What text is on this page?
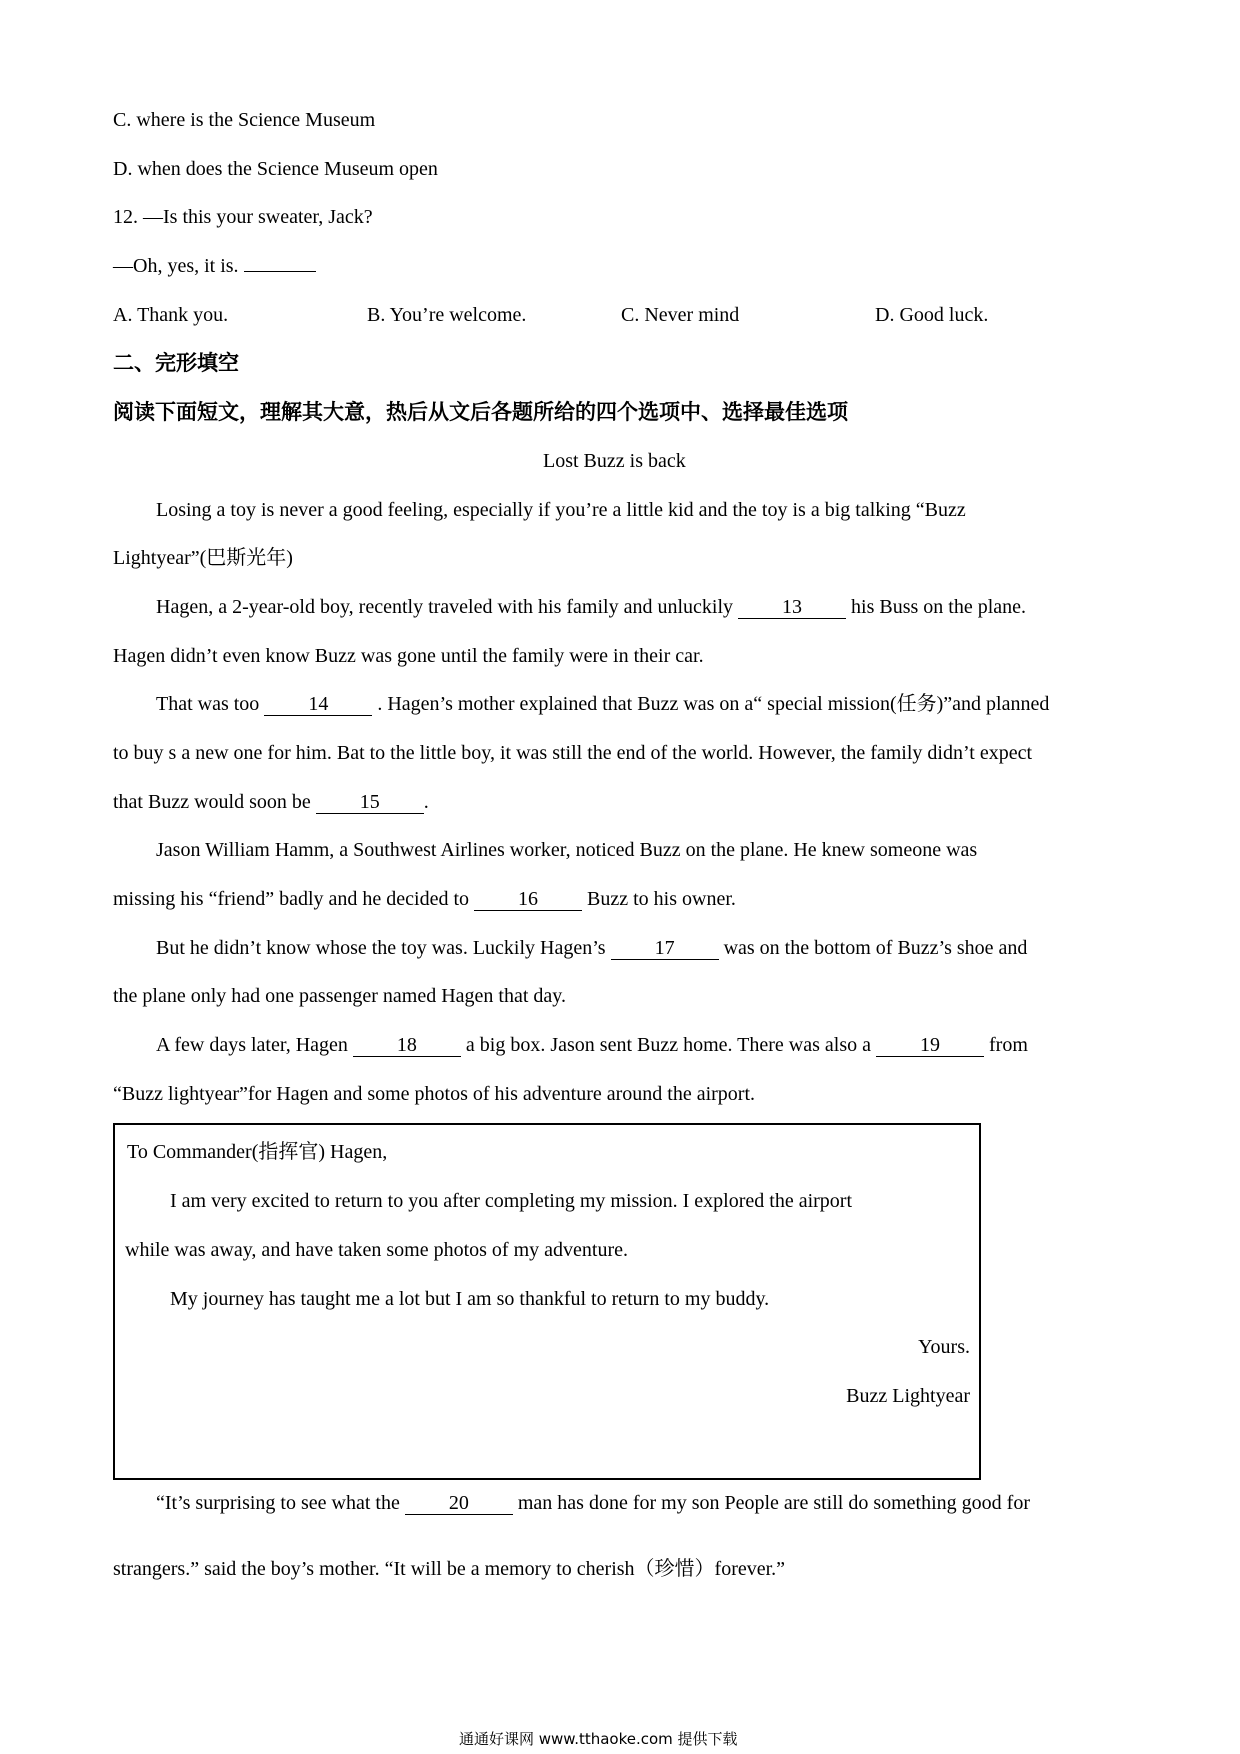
C. where is the Science Museum
D. when does the Science Museum open
12. —Is this your sweater, Jack?
—Oh, yes, it is.
A. Thank you.	B. You’re welcome.	C. Never mind	D. Good luck.
二、完形填空
阅读下面短文，理解其大意，热后从文后各题所给的四个选项中、选择最佳选项
Lost Buzz is back
Losing a toy is never a good feeling, especially if you’re a little kid and the toy is a big talking “Buzz
Lightyear”(巴斯光年)
Hagen, a 2-year-old boy, recently traveled with his family and unluckily 13 his Buss on the plane.
Hagen didn’t even know Buzz was gone until the family were in their car.
That was too 14 . Hagen’s mother explained that Buzz was on a“ special mission(任务)”and planned
to buy s a new one for him. Bat to the little boy, it was still the end of the world. However, the family didn’t expect
that Buzz would soon be 15 .
Jason William Hamm, a Southwest Airlines worker, noticed Buzz on the plane. He knew someone was
missing his “friend” badly and he decided to 16 Buzz to his owner.
But he didn’t know whose the toy was. Luckily Hagen’s 17 was on the bottom of Buzz’s shoe and
the plane only had one passenger named Hagen that day.
A few days later, Hagen 18 a big box. Jason sent Buzz home. There was also a 19 from
“Buzz lightyear”for Hagen and some photos of his adventure around the airport.
To Commander(指挥官) Hagen,
I am very excited to return to you after completing my mission. I explored the airport
while was away, and have taken some photos of my adventure.
My journey has taught me a lot but I am so thankful to return to my buddy.
Yours.
Buzz Lightyear
“It’s surprising to see what the 20 man has done for my son People are still do something good for
strangers.” said the boy’s mother. “It will be a memory to cherish（珍惜）forever.”
通通好课网 www.tthaoke.com 提供下载
